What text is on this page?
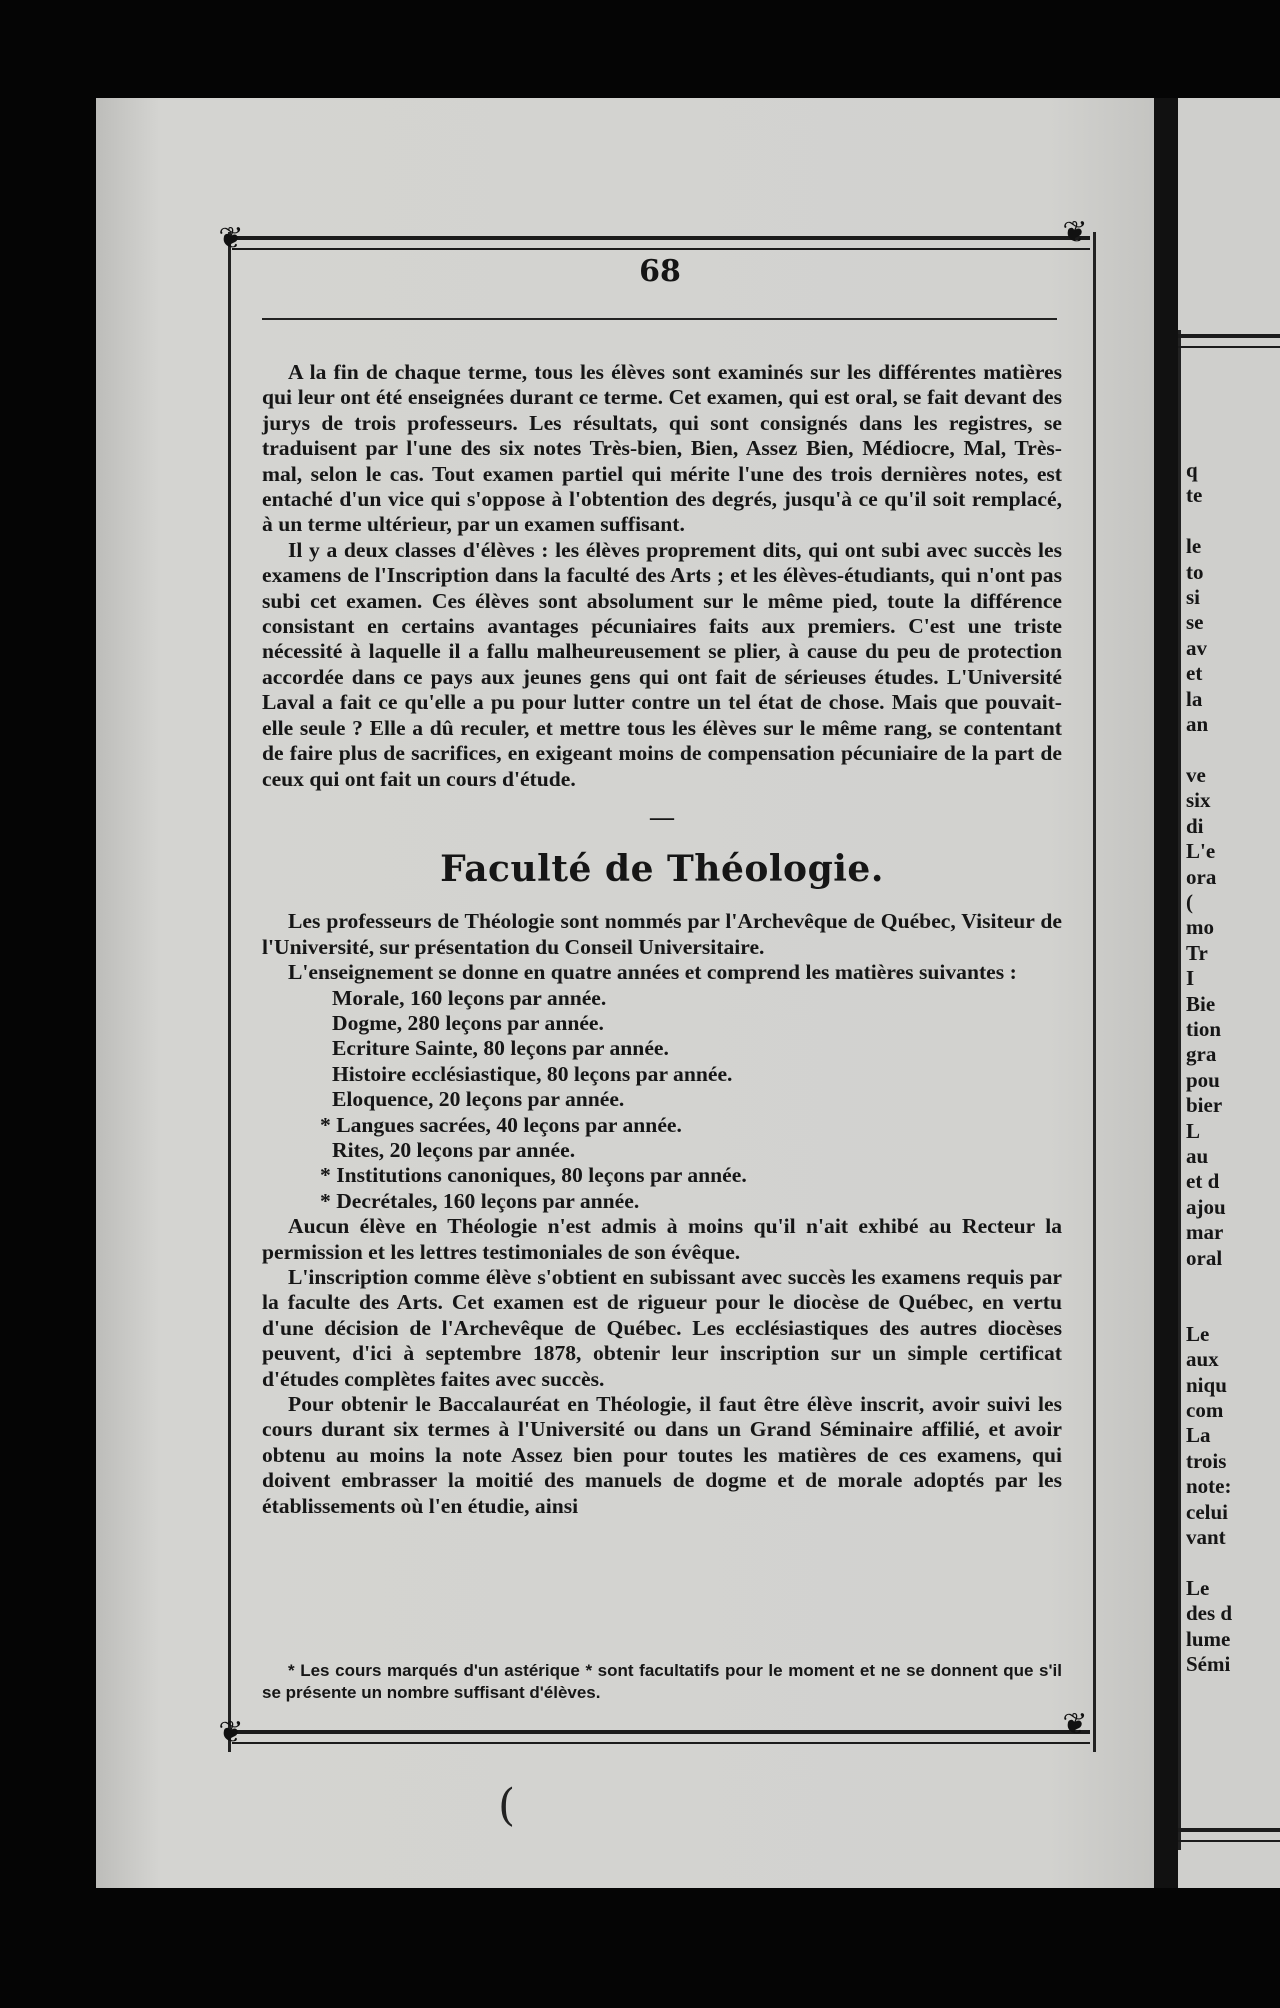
❦	❦
❦	❦
68

A la fin de chaque terme, tous les élèves sont examinés sur les différentes matières qui leur ont été enseignées durant ce terme. Cet examen, qui est oral, se fait devant des jurys de trois professeurs. Les résultats, qui sont consignés dans les registres, se traduisent par l'une des six notes Très-bien, Bien, Assez Bien, Médiocre, Mal, Très-mal, selon le cas. Tout examen partiel qui mérite l'une des trois dernières notes, est entaché d'un vice qui s'oppose à l'obtention des degrés, jusqu'à ce qu'il soit remplacé, à un terme ultérieur, par un examen suffisant.

Il y a deux classes d'élèves : les élèves proprement dits, qui ont subi avec succès les examens de l'Inscription dans la faculté des Arts ; et les élèves-étudiants, qui n'ont pas subi cet examen. Ces élèves sont absolument sur le même pied, toute la différence consistant en certains avantages pécuniaires faits aux premiers. C'est une triste nécessité à laquelle il a fallu malheureusement se plier, à cause du peu de protection accordée dans ce pays aux jeunes gens qui ont fait de sérieuses études. L'Université Laval a fait ce qu'elle a pu pour lutter contre un tel état de chose. Mais que pouvait-elle seule ? Elle a dû reculer, et mettre tous les élèves sur le même rang, se contentant de faire plus de sacrifices, en exigeant moins de compensation pécuniaire de la part de ceux qui ont fait un cours d'étude.

—
Faculté de Théologie.

Les professeurs de Théologie sont nommés par l'Archevêque de Québec, Visiteur de l'Université, sur présentation du Conseil Universitaire.

L'enseignement se donne en quatre années et comprend les matières suivantes :

Morale, 160 leçons par année.
Dogme, 280 leçons par année.
Ecriture Sainte, 80 leçons par année.
Histoire ecclésiastique, 80 leçons par année.
Eloquence, 20 leçons par année.
* Langues sacrées, 40 leçons par année.
Rites, 20 leçons par année.
* Institutions canoniques, 80 leçons par année.
* Decrétales, 160 leçons par année.

Aucun élève en Théologie n'est admis à moins qu'il n'ait exhibé au Recteur la permission et les lettres testimoniales de son évêque.

L'inscription comme élève s'obtient en subissant avec succès les examens requis par la faculte des Arts. Cet examen est de rigueur pour le diocèse de Québec, en vertu d'une décision de l'Archevêque de Québec. Les ecclésiastiques des autres diocèses peuvent, d'ici à septembre 1878, obtenir leur inscription sur un simple certificat d'études complètes faites avec succès.

Pour obtenir le Baccalauréat en Théologie, il faut être élève inscrit, avoir suivi les cours durant six termes à l'Université ou dans un Grand Séminaire affilié, et avoir obtenu au moins la note Assez bien pour toutes les matières de ces examens, qui doivent embrasser la moitié des manuels de dogme et de morale adoptés par les établissements où l'en étudie, ainsi

* Les cours marqués d'un astérique * sont facultatifs pour le moment et ne se donnent que s'il se présente un nombre suffisant d'élèves.
(
q
te

le
to
si
se
av
et
la
an

ve
six
di
L'e
ora
(
mo
Tr
I
Bie
tion
gra
pou
bier
L
au
et d
ajou
mar
oral

Le
aux
niqu
com
La
trois
note:
celui
vant

Le
des d
lume
Sémi
